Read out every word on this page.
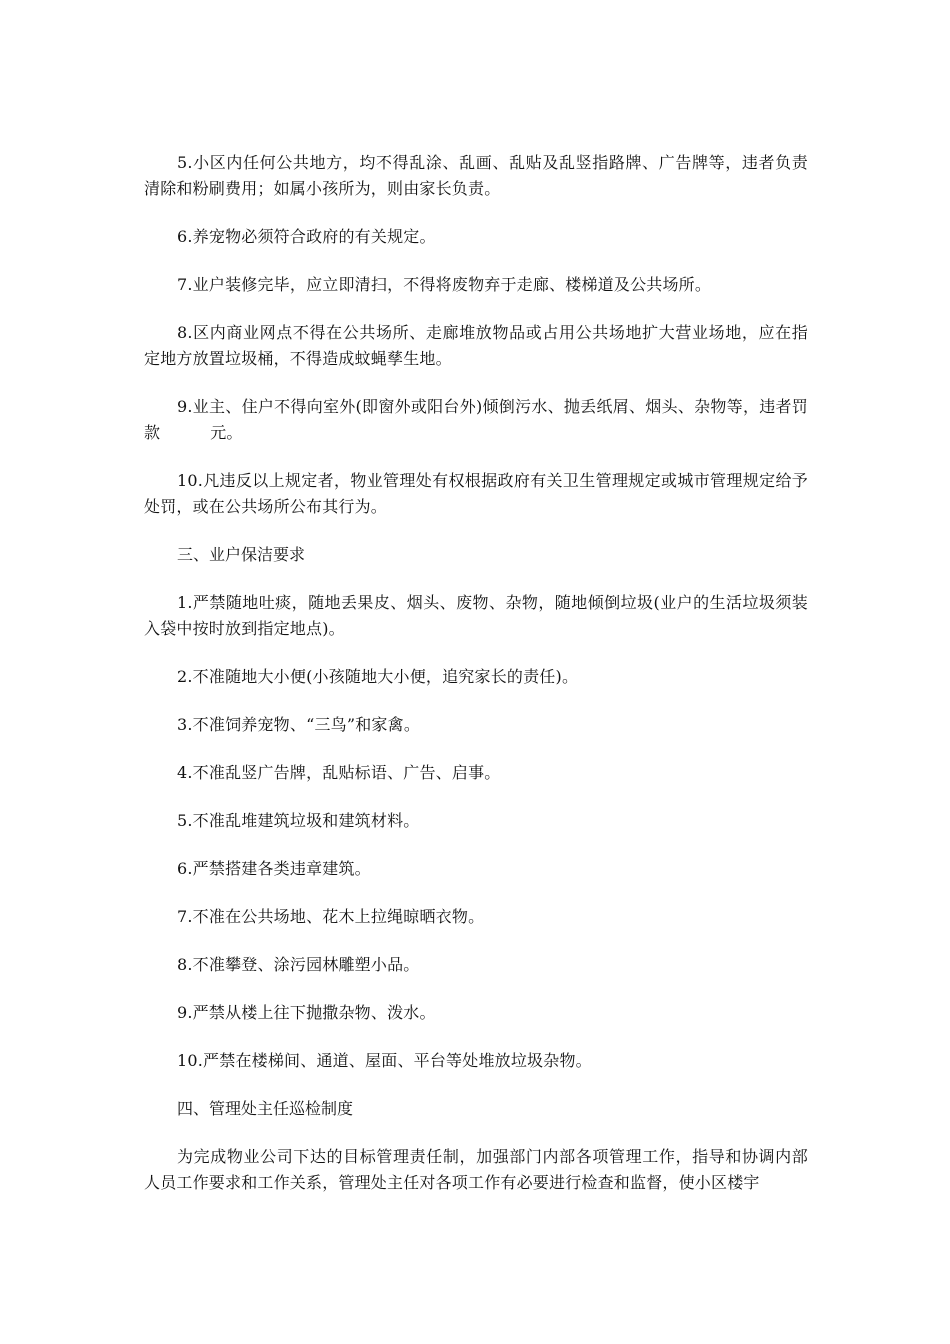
5.小区内任何公共地方，均不得乱涂、乱画、乱贴及乱竖指路牌、广告牌等，违者负责清除和粉刷费用；如属小孩所为，则由家长负责。

6.养宠物必须符合政府的有关规定。

7.业户装修完毕，应立即清扫，不得将废物弃于走廊、楼梯道及公共场所。

8.区内商业网点不得在公共场所、走廊堆放物品或占用公共场地扩大营业场地，应在指定地方放置垃圾桶，不得造成蚊蝇孳生地。

9.业主、住户不得向室外(即窗外或阳台外)倾倒污水、抛丢纸屑、烟头、杂物等，违者罚款	元。

10.凡违反以上规定者，物业管理处有权根据政府有关卫生管理规定或城市管理规定给予处罚，或在公共场所公布其行为。

三、业户保洁要求

1.严禁随地吐痰，随地丢果皮、烟头、废物、杂物，随地倾倒垃圾(业户的生活垃圾须装入袋中按时放到指定地点)。

2.不准随地大小便(小孩随地大小便，追究家长的责任)。

3.不准饲养宠物、“三鸟”和家禽。

4.不准乱竖广告牌，乱贴标语、广告、启事。

5.不准乱堆建筑垃圾和建筑材料。

6.严禁搭建各类违章建筑。

7.不准在公共场地、花木上拉绳晾晒衣物。

8.不准攀登、涂污园林雕塑小品。

9.严禁从楼上往下抛撒杂物、泼水。

10.严禁在楼梯间、通道、屋面、平台等处堆放垃圾杂物。

四、管理处主任巡检制度

为完成物业公司下达的目标管理责任制，加强部门内部各项管理工作，指导和协调内部人员工作要求和工作关系，管理处主任对各项工作有必要进行检查和监督，使小区楼宇
